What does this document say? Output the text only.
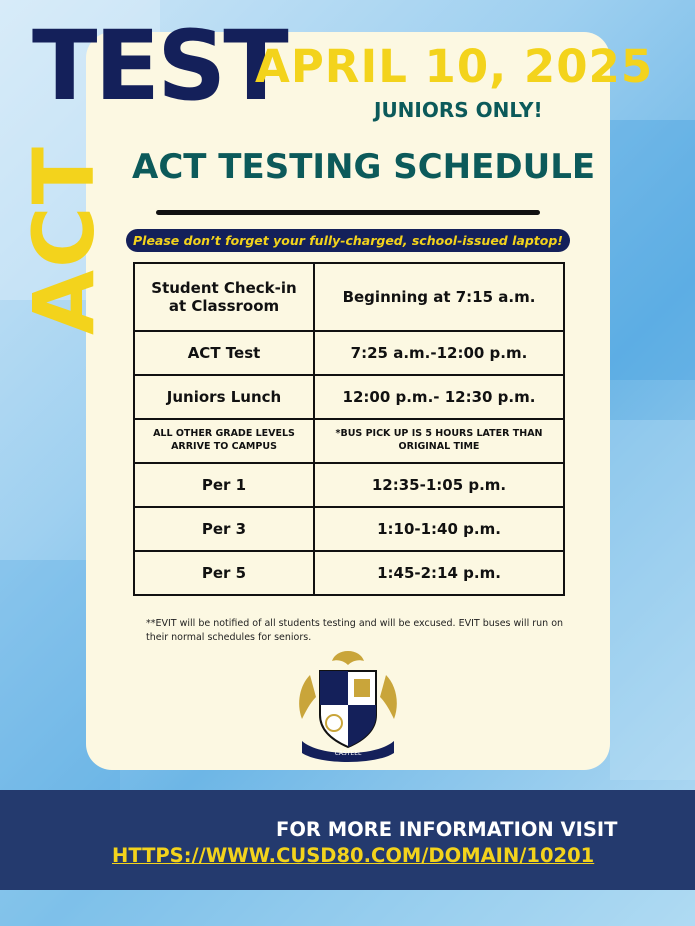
ACT
TEST
APRIL 10, 2025
JUNIORS ONLY!
ACT TESTING SCHEDULE
Please don’t forget your fully-charged, school-issued laptop!
Student Check-in at Classroom	Beginning at 7:15 a.m.
ACT Test	7:25 a.m.-12:00 p.m.
Juniors Lunch	12:00 p.m.- 12:30 p.m.
ALL OTHER GRADE LEVELS ARRIVE TO CAMPUS	*BUS PICK UP IS 5 HOURS LATER THAN ORIGINAL TIME
Per 1	12:35-1:05 p.m.
Per 3	1:10-1:40 p.m.
Per 5	1:45-2:14 p.m.
**EVIT will be notified of all students testing and will be excused. EVIT buses will run on their normal schedules for seniors.
CASTEEL
FOR MORE INFORMATION VISIT
HTTPS://WWW.CUSD80.COM/DOMAIN/10201
